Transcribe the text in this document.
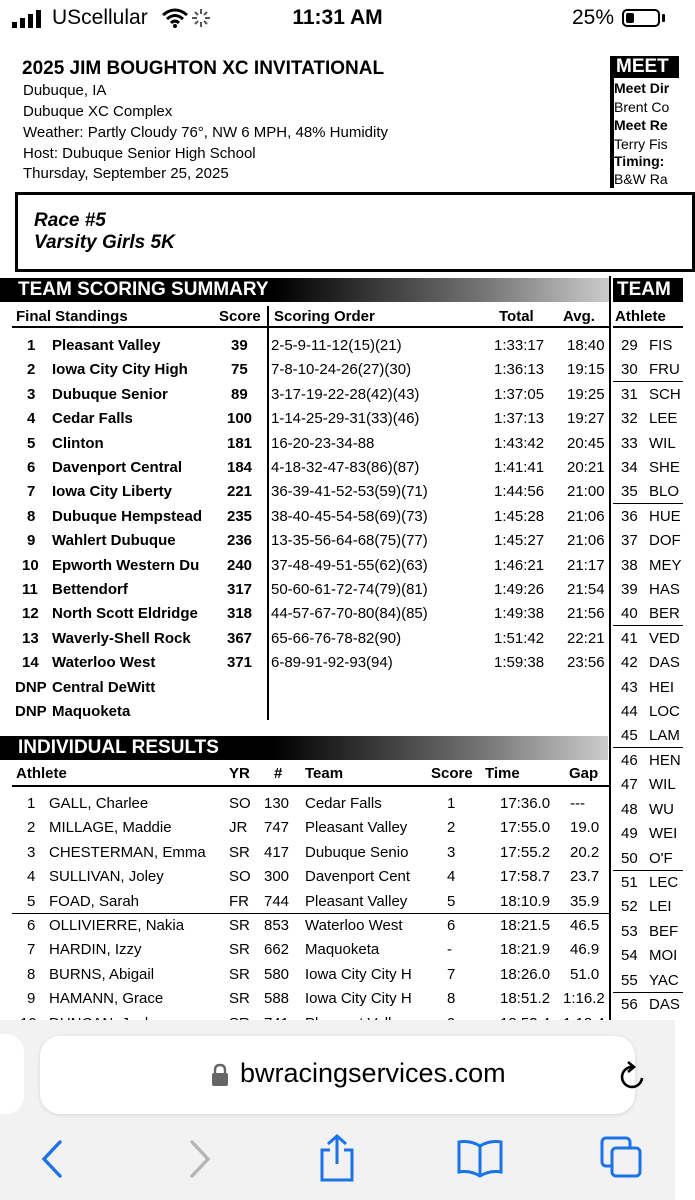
UScellular	11:31 AM	25%
2025 JIM BOUGHTON XC INVITATIONAL
Dubuque, IA
Dubuque XC Complex
Weather: Partly Cloudy 76°, NW 6 MPH, 48% Humidity
Host: Dubuque Senior High School
Thursday, September 25, 2025
MEET
Meet Dir
Brent Co
Meet Re
Terry Fis
Timing:
B&W Ra
Race #5
Varsity Girls 5K
TEAM SCORING SUMMARY	TEAM
Final Standings	Score Scoring Order	Total Avg. Athlete
1 Pleasant Valley	39 2-5-9-11-12(15)(21)	1:33:17 18:40
2 Iowa City City High	75 7-8-10-24-26(27)(30)	1:36:13 19:15
3 Dubuque Senior	89 3-17-19-22-28(42)(43)	1:37:05 19:25
4 Cedar Falls	100 1-14-25-29-31(33)(46)	1:37:13 19:27
5 Clinton	181 16-20-23-34-88	1:43:42 20:45
6 Davenport Central	184 4-18-32-47-83(86)(87)	1:41:41 20:21
7 Iowa City Liberty	221 36-39-41-52-53(59)(71)	1:44:56 21:00
8 Dubuque Hempstead 235 38-40-45-54-58(69)(73)	1:45:28 21:06
9 Wahlert Dubuque	236 13-35-56-64-68(75)(77)	1:45:27 21:06
10 Epworth Western Du 240 37-48-49-51-55(62)(63)	1:46:21 21:17
11 Bettendorf	317 50-60-61-72-74(79)(81)	1:49:26 21:54
12 North Scott Eldridge 318 44-57-67-70-80(84)(85)	1:49:38 21:56
13 Waverly-Shell Rock 367 65-66-76-78-82(90)	1:51:42 22:21
14 Waterloo West	371 6-89-91-92-93(94)	1:59:38 23:56
DNP Central DeWitt
DNP Maquoketa
INDIVIDUAL RESULTS
Athlete	YR # Team	Score Time	Gap
1 GALL, Charlee	SO 130 Cedar Falls	1	17:36.0 ---
2 MILLAGE, Maddie	JR 747 Pleasant Valley	2	17:55.0 19.0
3 CHESTERMAN, Emma SR 417 Dubuque Senio	3	17:55.2 20.2
4 SULLIVAN, Joley	SO 300 Davenport Cent 4	17:58.7 23.7
5 FOAD, Sarah	FR 744 Pleasant Valley	5	18:10.9 35.9
6 OLLIVIERRE, Nakia	SR 853 Waterloo West	6	18:21.5 46.5
7 HARDIN, Izzy	SR 662 Maquoketa	-	18:21.9 46.9
8 BURNS, Abigail	SR 580 Iowa City City H 7	18:26.0 51.0
9 HAMANN, Grace	SR 588 Iowa City City H 8	18:51.2 1:16.2
29 FIS
30 FRU
31 SCH
32 LEE
33 WIL
34 SHE
35 BLO
36 HUE
37 DOF
38 MEY
39 HAS
40 BER
41 VED
42 DAS
43 HEI
44 LOC
45 LAM
46 HEN
47 WIL
48 WU
49 WEI
50 O'F
51 LEC
52 LEI
53 BEF
54 MOI
55 YAC
56 DAS
bwracingservices.com
